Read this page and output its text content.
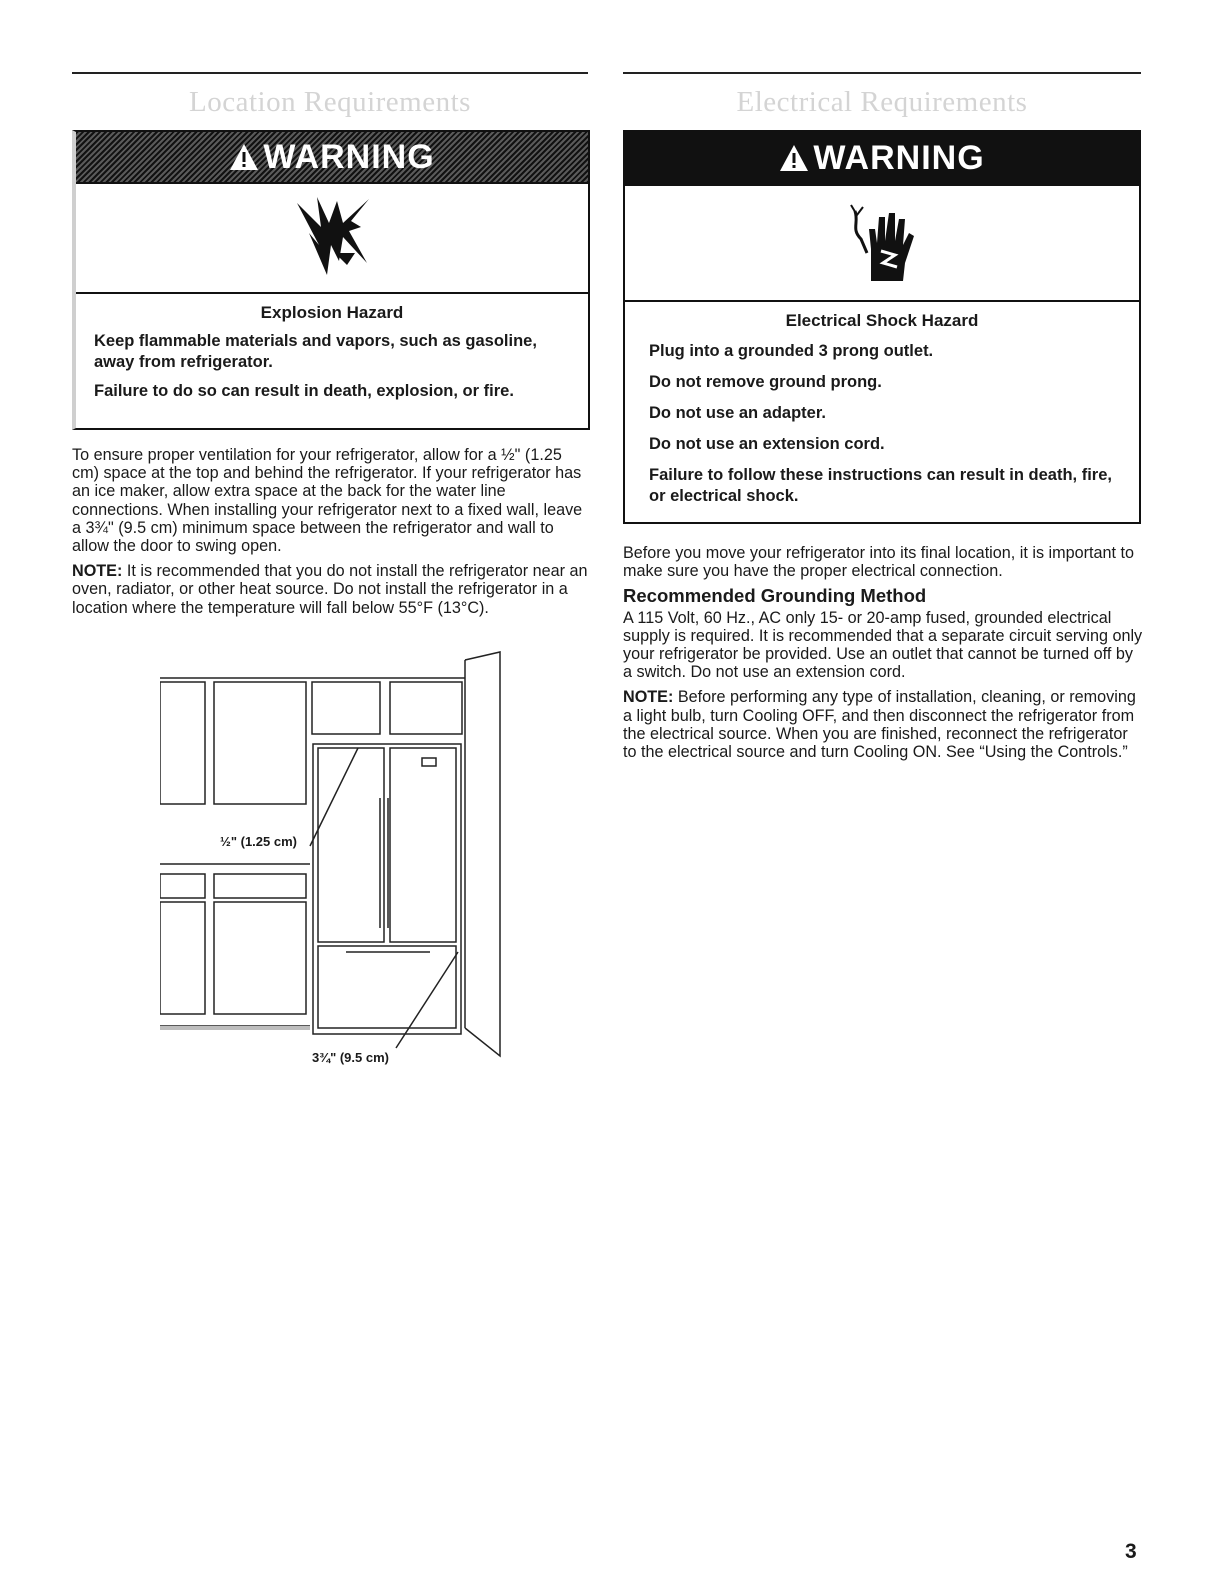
Location Requirements
WARNING
Explosion Hazard

Keep flammable materials and vapors, such as gasoline, away from refrigerator.

Failure to do so can result in death, explosion, or fire.

To ensure proper ventilation for your refrigerator, allow for a ½" (1.25 cm) space at the top and behind the refrigerator. If your refrigerator has an ice maker, allow extra space at the back for the water line connections. When installing your refrigerator next to a fixed wall, leave a 3¾" (9.5 cm) minimum space between the refrigerator and wall to allow the door to swing open.

NOTE: It is recommended that you do not install the refrigerator near an oven, radiator, or other heat source. Do not install the refrigerator in a location where the temperature will fall below 55°F (13°C).

½" (1.25 cm)
3¾" (9.5 cm)
Electrical Requirements
WARNING
Electrical Shock Hazard

Plug into a grounded 3 prong outlet.

Do not remove ground prong.

Do not use an adapter.

Do not use an extension cord.

Failure to follow these instructions can result in death, fire, or electrical shock.

Before you move your refrigerator into its final location, it is important to make sure you have the proper electrical connection.

Recommended Grounding Method

A 115 Volt, 60 Hz., AC only 15- or 20-amp fused, grounded electrical supply is required. It is recommended that a separate circuit serving only your refrigerator be provided. Use an outlet that cannot be turned off by a switch. Do not use an extension cord.

NOTE: Before performing any type of installation, cleaning, or removing a light bulb, turn Cooling OFF, and then disconnect the refrigerator from the electrical source. When you are finished, reconnect the refrigerator to the electrical source and turn Cooling ON. See “Using the Controls.”

3
